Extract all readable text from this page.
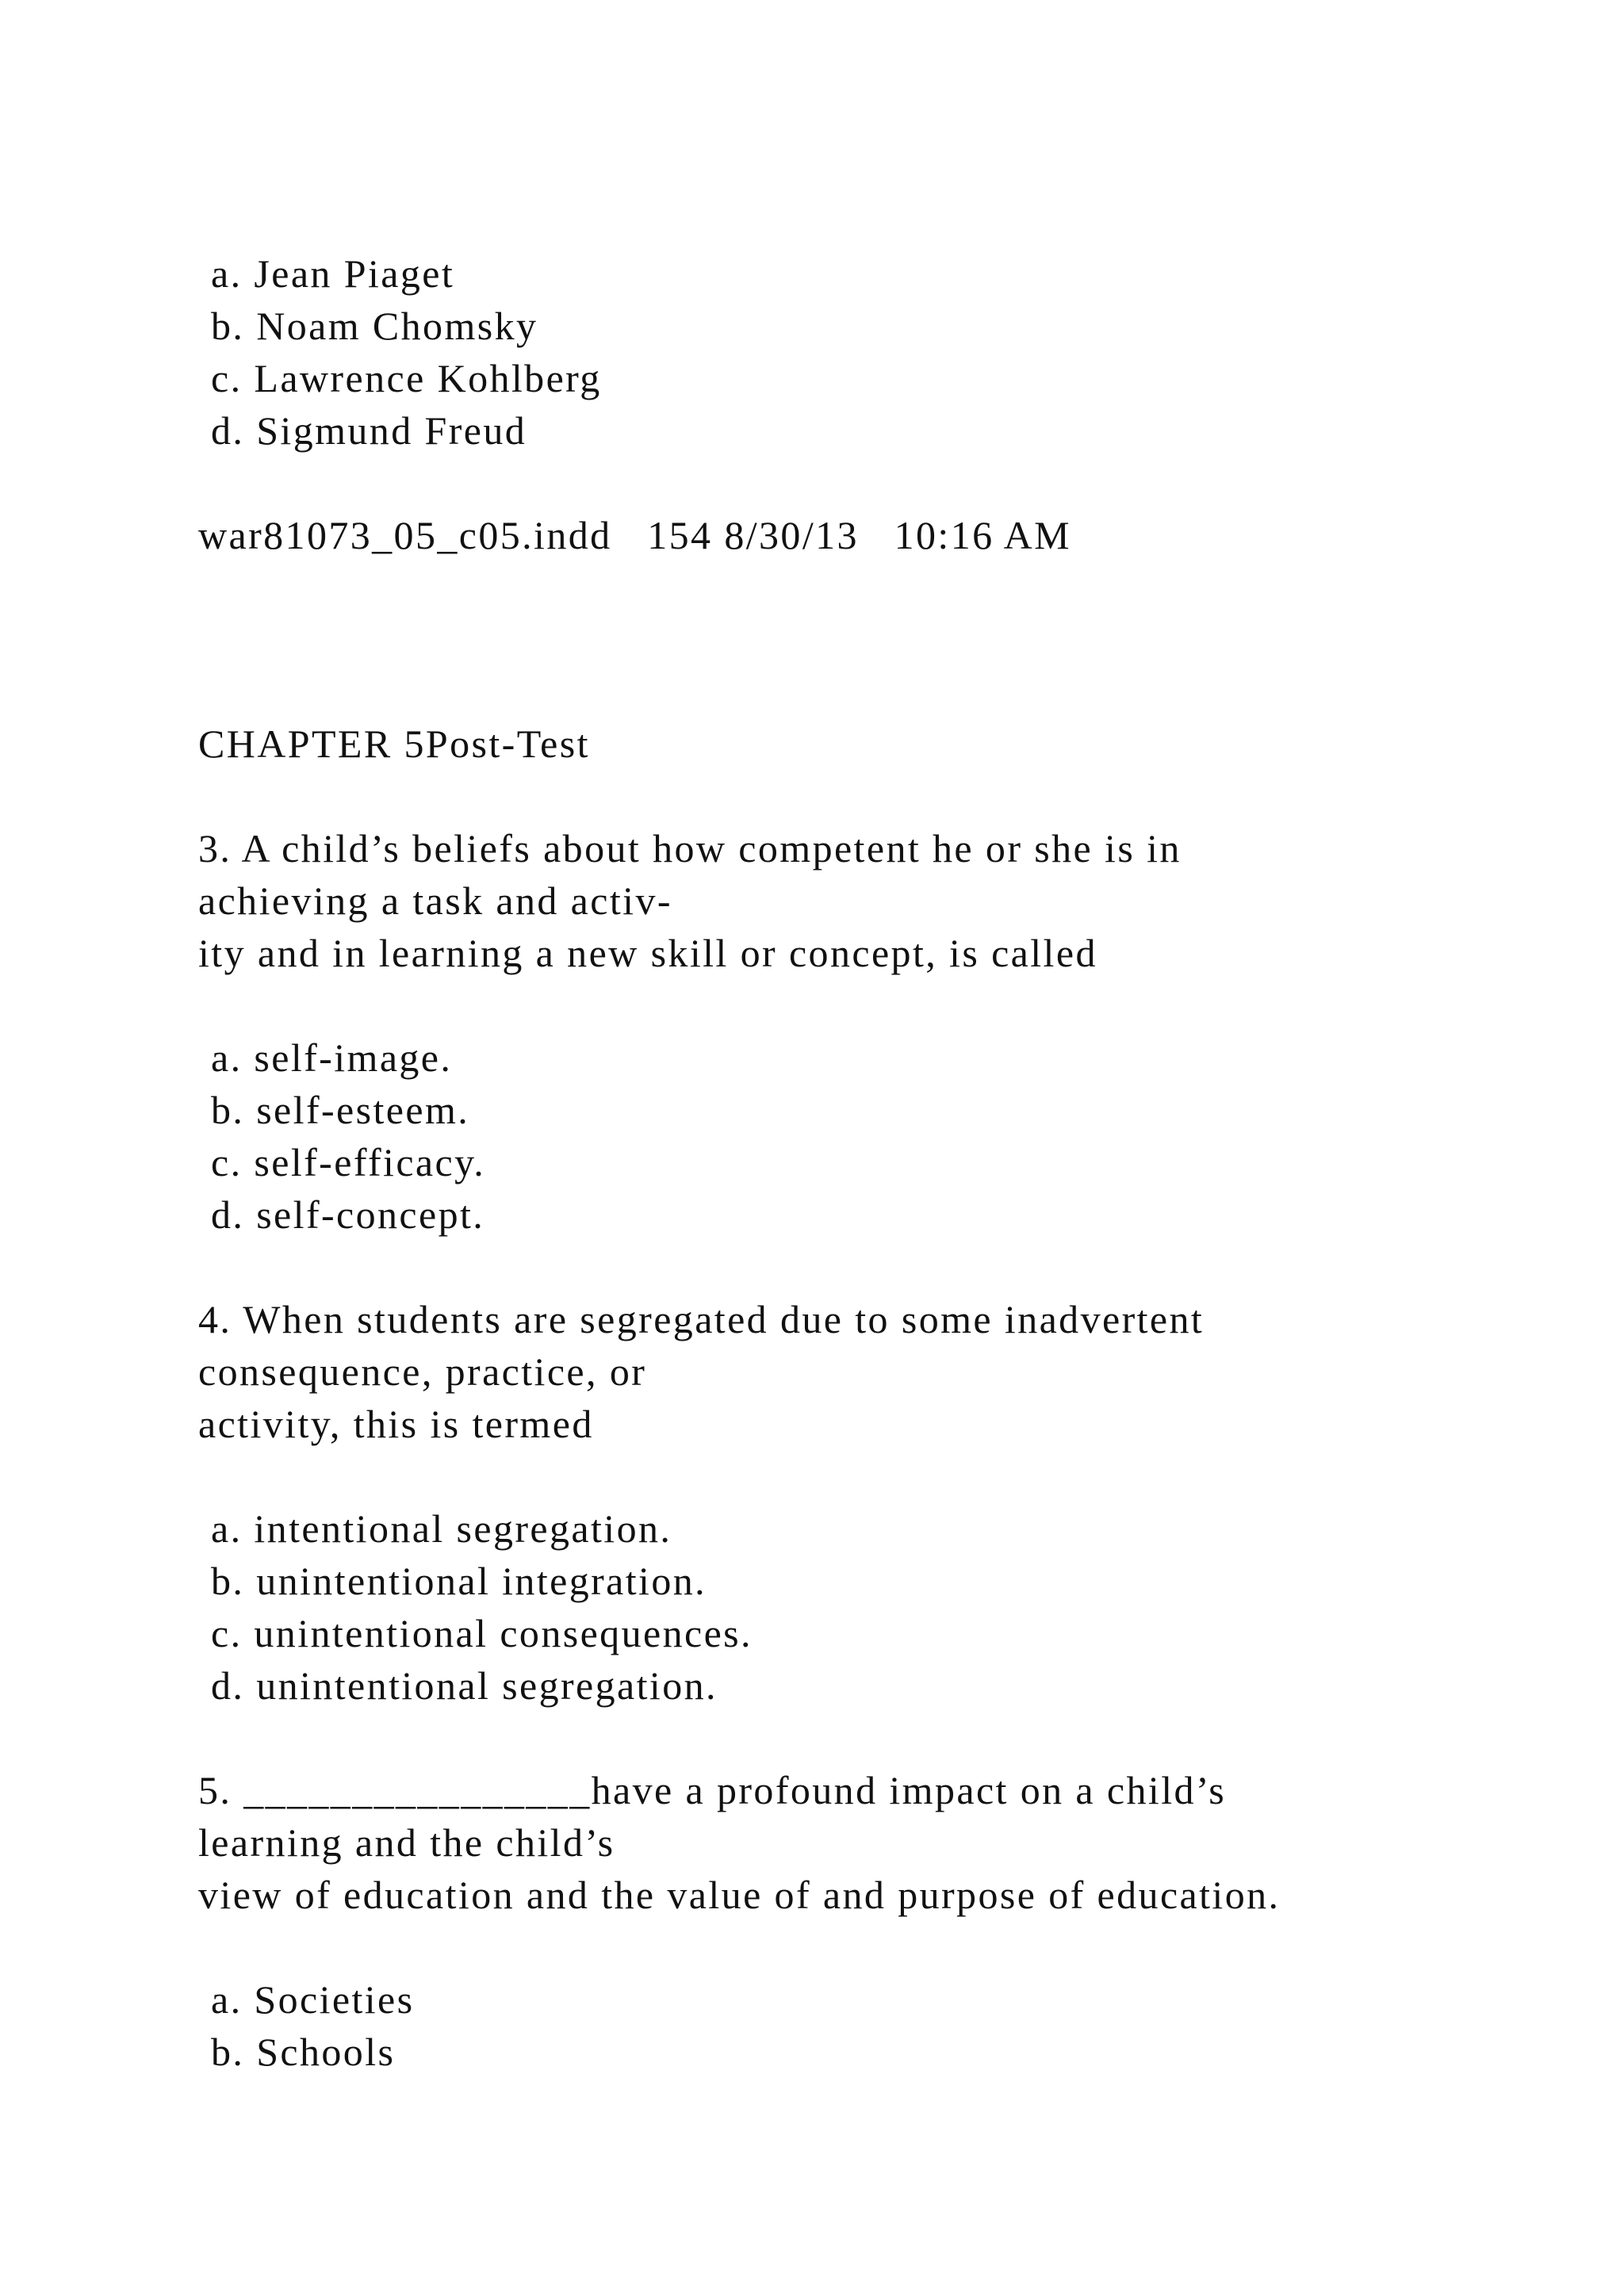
a. Jean Piaget
b. Noam Chomsky
c. Lawrence Kohlberg
d. Sigmund Freud
war81073_05_c05.indd   154 8/30/13   10:16 AM
CHAPTER 5Post-Test
3. A child’s beliefs about how competent he or she is in
achieving a task and activ-
ity and in learning a new skill or concept, is called
a. self-image.
b. self-esteem.
c. self-efficacy.
d. self-concept.
4. When students are segregated due to some inadvertent
consequence, practice, or
activity, this is termed
a. intentional segregation.
b. unintentional integration.
c. unintentional consequences.
d. unintentional segregation.
5. ________________have a profound impact on a child’s
learning and the child’s
view of education and the value of and purpose of education.
a. Societies
b. Schools
